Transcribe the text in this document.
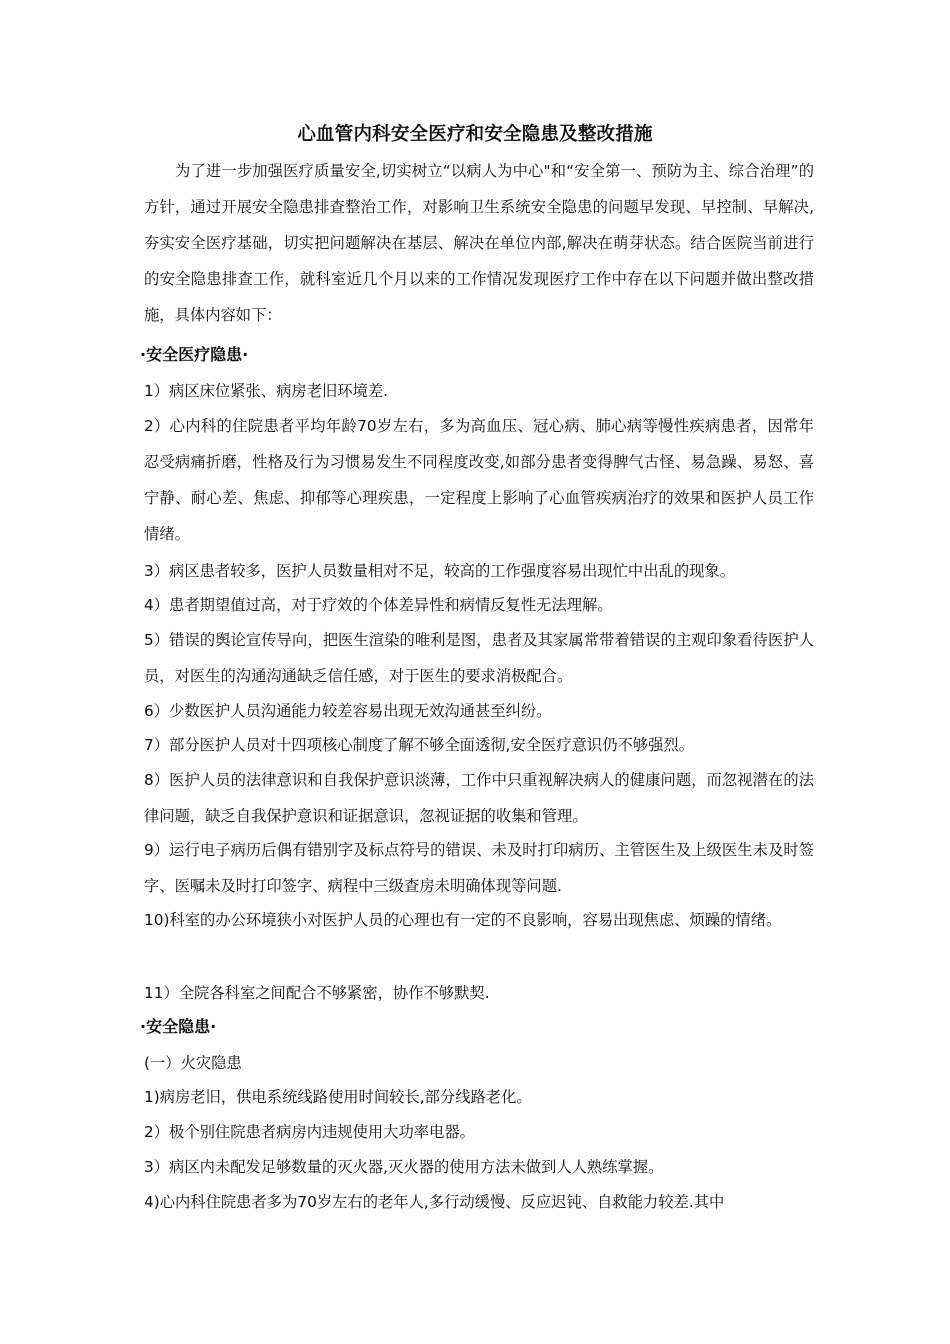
心血管内科安全医疗和安全隐患及整改措施
为了进一步加强医疗质量安全,切实树立“以病人为中心"和“安全第一、预防为主、综合治理”的方针，通过开展安全隐患排查整治工作，对影响卫生系统安全隐患的问题早发现、早控制、早解决,夯实安全医疗基础，切实把问题解决在基层、解决在单位内部,解决在萌芽状态。结合医院当前进行的安全隐患排查工作，就科室近几个月以来的工作情况发现医疗工作中存在以下问题并做出整改措施，具体内容如下：
·安全医疗隐患·
1）病区床位紧张、病房老旧环境差.
2）心内科的住院患者平均年龄70岁左右，多为高血压、冠心病、肺心病等慢性疾病患者，因常年忍受病痛折磨，性格及行为习惯易发生不同程度改变,如部分患者变得脾气古怪、易急躁、易怒、喜宁静、耐心差、焦虑、抑郁等心理疾患，一定程度上影响了心血管疾病治疗的效果和医护人员工作情绪。
3）病区患者较多，医护人员数量相对不足，较高的工作强度容易出现忙中出乱的现象。
4）患者期望值过高，对于疗效的个体差异性和病情反复性无法理解。
5）错误的舆论宣传导向，把医生渲染的唯利是图，患者及其家属常带着错误的主观印象看待医护人员，对医生的沟通沟通缺乏信任感，对于医生的要求消极配合。
6）少数医护人员沟通能力较差容易出现无效沟通甚至纠纷。
7）部分医护人员对十四项核心制度了解不够全面透彻,安全医疗意识仍不够强烈。
8）医护人员的法律意识和自我保护意识淡薄，工作中只重视解决病人的健康问题，而忽视潜在的法律问题，缺乏自我保护意识和证据意识，忽视证据的收集和管理。
9）运行电子病历后偶有错别字及标点符号的错误、未及时打印病历、主管医生及上级医生未及时签字、医嘱未及时打印签字、病程中三级查房未明确体现等问题.
10)科室的办公环境狭小对医护人员的心理也有一定的不良影响，容易出现焦虑、烦躁的情绪。
11）全院各科室之间配合不够紧密，协作不够默契.
·安全隐患·
(一）火灾隐患
1)病房老旧，供电系统线路使用时间较长,部分线路老化。
2）极个别住院患者病房内违规使用大功率电器。
3）病区内未配发足够数量的灭火器,灭火器的使用方法未做到人人熟练掌握。
4)心内科住院患者多为70岁左右的老年人,多行动缓慢、反应迟钝、自救能力较差.其中
